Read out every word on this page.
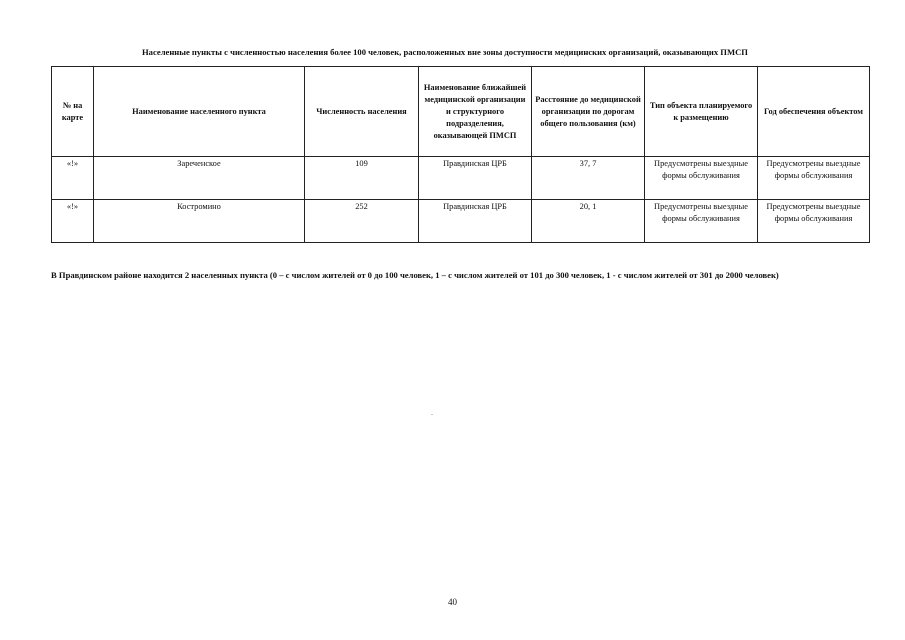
Населенные пункты с численностью населения более 100 человек, расположенных вне зоны доступности медицинских организаций, оказывающих ПМСП
№ на карте	Наименование населенного пункта	Численность населения	Наименование ближайшей медицинской организации и структурного подразделения, оказывающей ПМСП	Расстояние до медицинской организации по дорогам общего пользования (км)	Тип объекта планируемого к размещению	Год обеспечения объектом
«!»	Зареченское	109	Правдинская ЦРБ	37, 7	Предусмотрены выездные формы обслуживания	Предусмотрены выездные формы обслуживания
«!»	Костромино	252	Правдинская ЦРБ	20, 1	Предусмотрены выездные формы обслуживания	Предусмотрены выездные формы обслуживания
В Правдинском районе находится 2 населенных пункта (0 – с числом жителей от 0 до 100 человек, 1 – с числом жителей от 101 до 300 человек, 1 - с числом жителей от 301 до 2000 человек)
40
